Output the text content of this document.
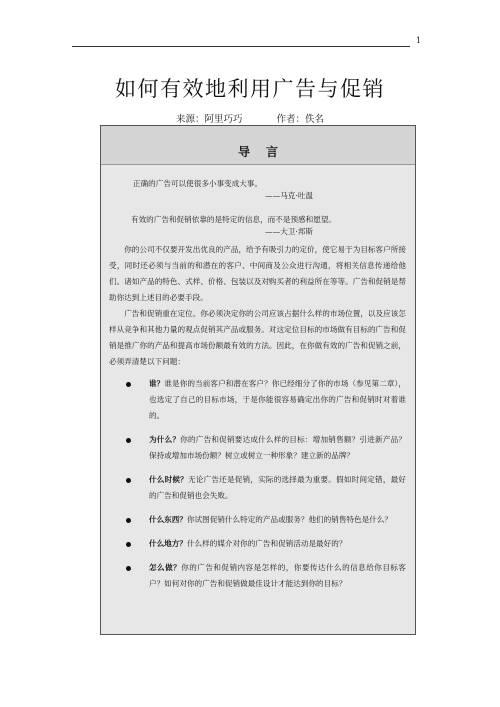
1
如何有效地利用广告与促销
来源：阿里巧巧	作者：佚名
导言
正确的广告可以使很多小事变成大事。
——马克·吐温
有效的广告和促销依靠的是特定的信息，而不是预感和愿望。
——大卫·邦斯

你的公司不仅要开发出优良的产品，给予有吸引力的定价，使它易于为目标客户所接受，同时还必须与当前的和潜在的客户、中间商及公众进行沟通，将相关信息传递给他们。诸如产品的特色、式样、价格、包装以及对购买者的利益所在等等。广告和促销是帮助你达到上述目的必要手段。

广告和促销重在定位。你必须决定你的公司应该占据什么样的市场位置，以及应该怎样从竞争和其他力量的观点促销其产品或服务。对这定位目标的市场做有目标的广告和促销是推广你的产品和提高市场份额最有效的方法。因此，在你做有效的广告和促销之前，必须弄清楚以下问题：

谁？谁是你的当前客户和潜在客户？你已经细分了你的市场（参见第二章），也选定了自己的目标市场，于是你能很容易确定出你的广告和促销时对着谁的。
为什么？你的广告和促销要达成什么样的目标：增加销售额？引进新产品？保持或增加市场份额？树立或树立一种形象？建立新的品牌？
什么时候？无论广告还是促销，实际的选择最为重要。假如时间定错，最好的广告和促销也会失败。
什么东西？你试图促销什么特定的产品或服务？他们的销售特色是什么？
什么地方？什么样的媒介对你的广告和促销活动是最好的？
怎么做？你的广告和促销内容是怎样的，你要传达什么的信息给你目标客户？如何对你的广告和促销做最佳设计才能达到你的目标？
